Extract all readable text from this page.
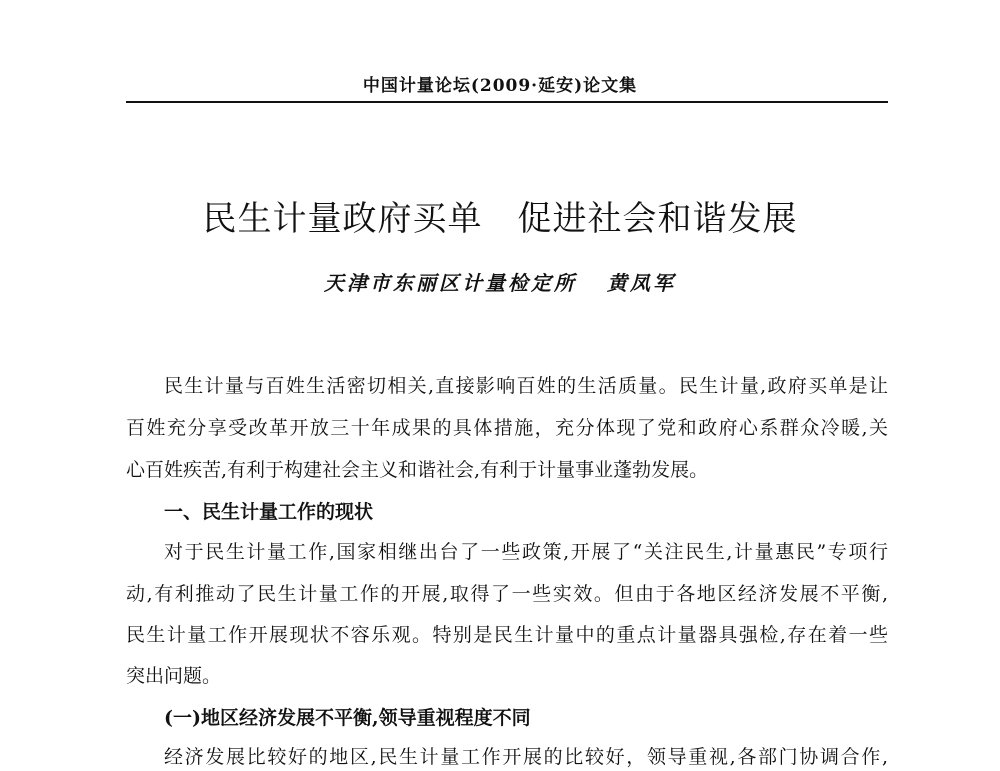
中国计量论坛(2009·延安)论文集
民生计量政府买单　促进社会和谐发展
天津市东丽区计量检定所 黄凤军
民生计量与百姓生活密切相关,直接影响百姓的生活质量。民生计量,政府买单是让
百姓充分享受改革开放三十年成果的具体措施，充分体现了党和政府心系群众冷暖,关
心百姓疾苦,有利于构建社会主义和谐社会,有利于计量事业蓬勃发展。
一、民生计量工作的现状
对于民生计量工作,国家相继出台了一些政策,开展了“关注民生,计量惠民”专项行
动,有利推动了民生计量工作的开展,取得了一些实效。但由于各地区经济发展不平衡,
民生计量工作开展现状不容乐观。特别是民生计量中的重点计量器具强检,存在着一些
突出问题。
(一)地区经济发展不平衡,领导重视程度不同
经济发展比较好的地区,民生计量工作开展的比较好，领导重视,各部门协调合作,
